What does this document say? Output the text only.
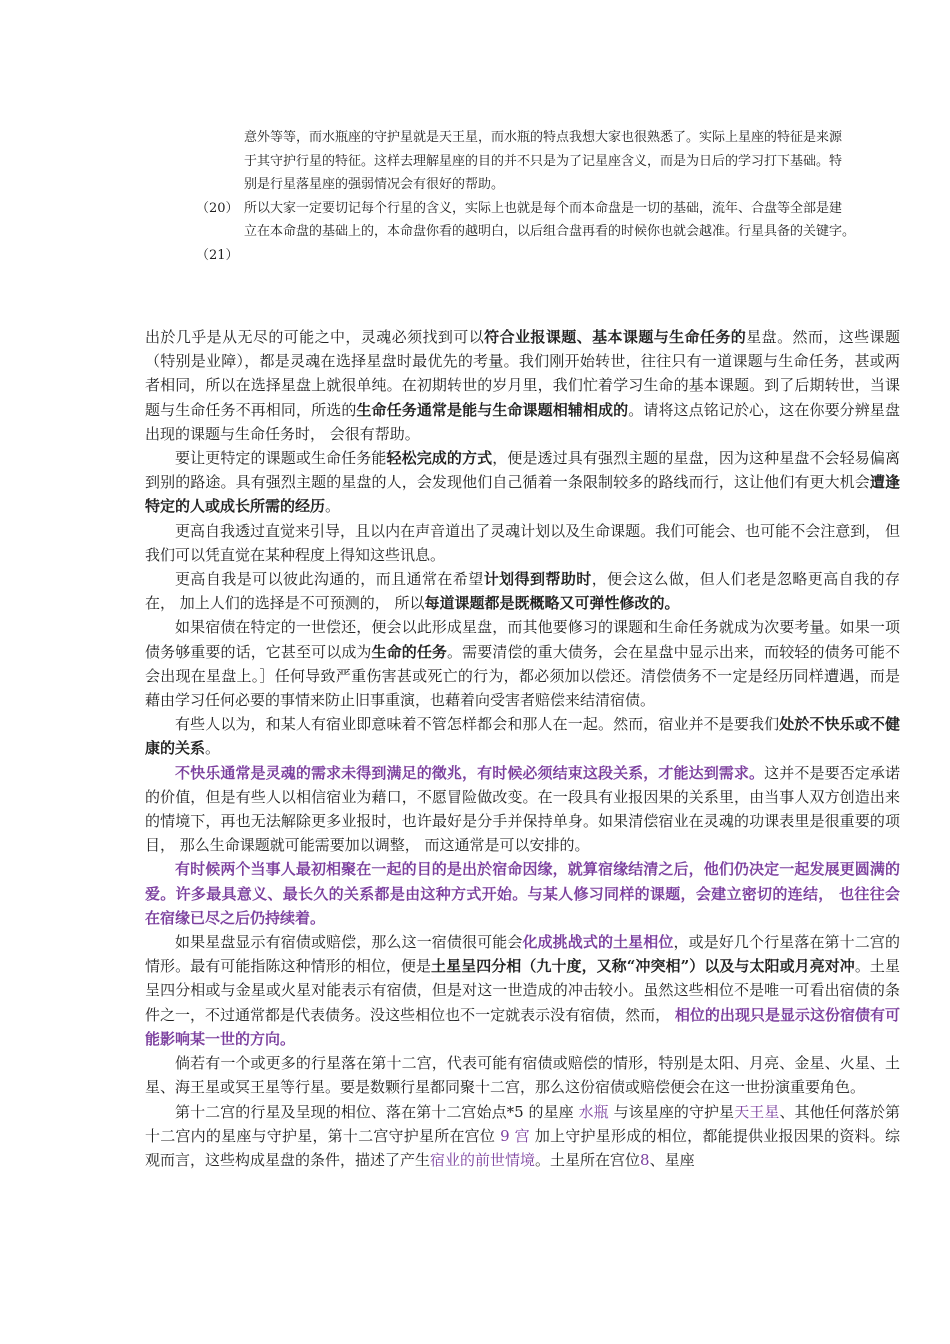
意外等等，而水瓶座的守护星就是天王星，而水瓶的特点我想大家也很熟悉了。实际上星座的特征是来源
于其守护行星的特征。这样去理解星座的目的并不只是为了记星座含义，而是为日后的学习打下基础。特
别是行星落星座的强弱情况会有很好的帮助。
（20） 所以大家一定要切记每个行星的含义，实际上也就是每个而本命盘是一切的基础，流年、合盘等全部是建
立在本命盘的基础上的，本命盘你看的越明白，以后组合盘再看的时候你也就会越准。行星具备的关键字。
（21）

出於几乎是从无尽的可能之中，灵魂必须找到可以符合业报课题、基本课题与生命任务的星盘。然而，这些课题（特别是业障），都是灵魂在选择星盘时最优先的考量。我们刚开始转世，往往只有一道课题与生命任务，甚或两者相同，所以在选择星盘上就很单纯。在初期转世的岁月里，我们忙着学习生命的基本课题。到了后期转世，当课题与生命任务不再相同，所选的生命任务通常是能与生命课题相辅相成的。请将这点铭记於心，这在你要分辨星盘出现的课题与生命任务时， 会很有帮助。

要让更特定的课题或生命任务能轻松完成的方式，便是透过具有强烈主题的星盘，因为这种星盘不会轻易偏离到别的路途。具有强烈主题的星盘的人，会发现他们自己循着一条限制较多的路线而行，这让他们有更大机会遭逢特定的人或成长所需的经历。

更高自我透过直觉来引导，且以内在声音道出了灵魂计划以及生命课题。我们可能会、也可能不会注意到， 但我们可以凭直觉在某种程度上得知这些讯息。

更高自我是可以彼此沟通的，而且通常在希望计划得到帮助时，便会这么做，但人们老是忽略更高自我的存在， 加上人们的选择是不可预测的， 所以每道课题都是既概略又可弹性修改的。

如果宿债在特定的一世偿还，便会以此形成星盘，而其他要修习的课题和生命任务就成为次要考量。如果一项债务够重要的话，它甚至可以成为生命的任务。需要清偿的重大债务，会在星盘中显示出来，而较轻的债务可能不会出现在星盘上。］任何导致严重伤害甚或死亡的行为，都必须加以偿还。清偿债务不一定是经历同样遭遇，而是藉由学习任何必要的事情来防止旧事重演，也藉着向受害者赔偿来结清宿债。

有些人以为，和某人有宿业即意味着不管怎样都会和那人在一起。然而，宿业并不是要我们处於不快乐或不健康的关系。

不快乐通常是灵魂的需求未得到满足的徵兆，有时候必须结束这段关系，才能达到需求。这并不是要否定承诺的价值，但是有些人以相信宿业为藉口，不愿冒险做改变。在一段具有业报因果的关系里，由当事人双方创造出来的情境下，再也无法解除更多业报时，也许最好是分手并保持单身。如果清偿宿业在灵魂的功课表里是很重要的项目， 那么生命课题就可能需要加以调整， 而这通常是可以安排的。

有时候两个当事人最初相聚在一起的目的是出於宿命因缘，就算宿缘结清之后，他们仍决定一起发展更圆满的爱。许多最具意义、最长久的关系都是由这种方式开始。与某人修习同样的课题，会建立密切的连结， 也往往会在宿缘已尽之后仍持续着。

如果星盘显示有宿债或赔偿，那么这一宿债很可能会化成挑战式的土星相位，或是好几个行星落在第十二宫的情形。最有可能指陈这种情形的相位，便是土星呈四分相（九十度，又称“冲突相”）以及与太阳或月亮对冲。土星呈四分相或与金星或火星对能表示有宿债，但是对这一世造成的冲击较小。虽然这些相位不是唯一可看出宿债的条件之一，不过通常都是代表债务。没这些相位也不一定就表示没有宿债，然而， 相位的出现只是显示这份宿债有可能影响某一世的方向。

倘若有一个或更多的行星落在第十二宫，代表可能有宿债或赔偿的情形，特别是太阳、月亮、金星、火星、土星、海王星或冥王星等行星。要是数颗行星都同聚十二宫，那么这份宿债或赔偿便会在这一世扮演重要角色。

第十二宫的行星及呈现的相位、落在第十二宫始点*5 的星座 水瓶 与该星座的守护星天王星、其他任何落於第十二宫内的星座与守护星，第十二宫守护星所在宫位 9 宫 加上守护星形成的相位，都能提供业报因果的资料。综观而言，这些构成星盘的条件，描述了产生宿业的前世情境。土星所在宫位8、星座
